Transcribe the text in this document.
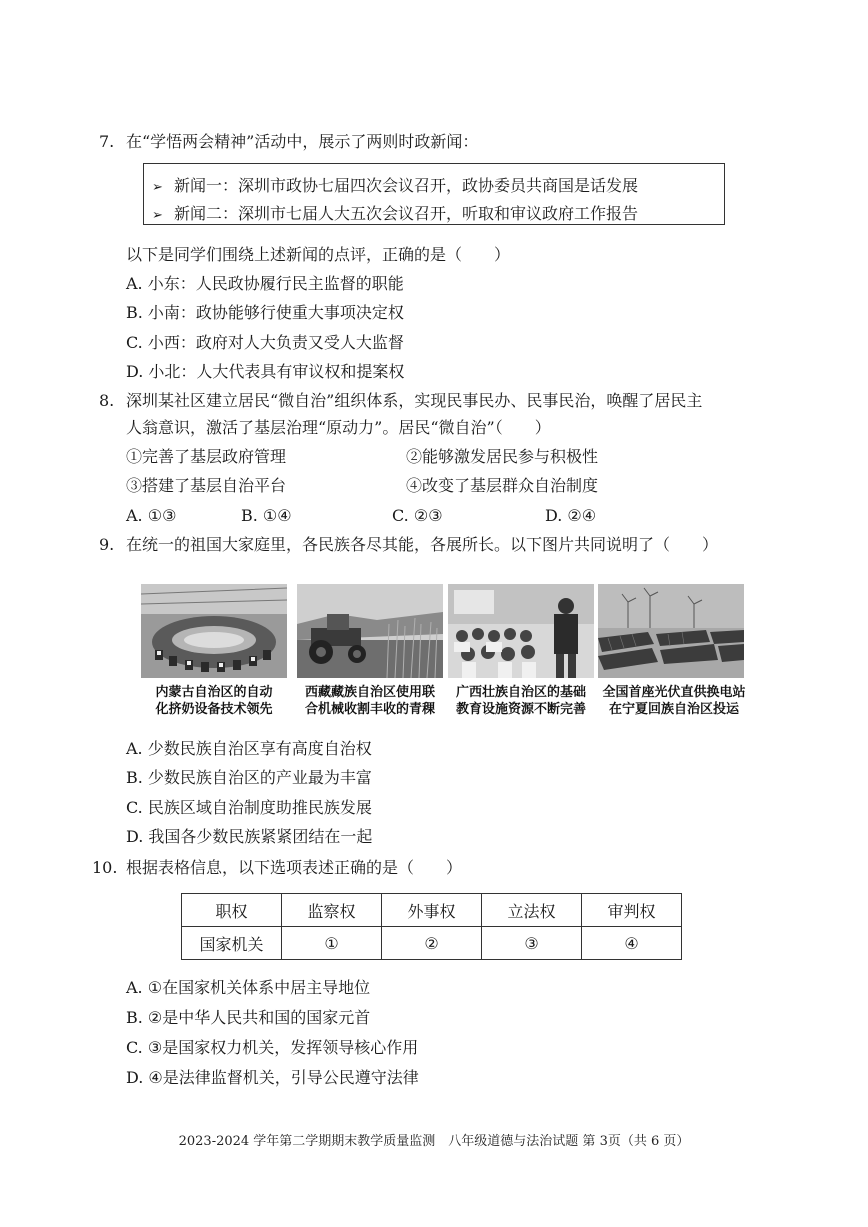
7. 在“学悟两会精神”活动中，展示了两则时政新闻：
➢ 新闻一：深圳市政协七届四次会议召开，政协委员共商国是话发展
➢ 新闻二：深圳市七届人大五次会议召开，听取和审议政府工作报告
以下是同学们围绕上述新闻的点评，正确的是（　　）
A. 小东：人民政协履行民主监督的职能
B. 小南：政协能够行使重大事项决定权
C. 小西：政府对人大负责又受人大监督
D. 小北：人大代表具有审议权和提案权
8. 深圳某社区建立居民“微自治”组织体系，实现民事民办、民事民治，唤醒了居民主
人翁意识，激活了基层治理“原动力”。居民“微自治”（　　）
①完善了基层政府管理	②能够激发居民参与积极性
③搭建了基层自治平台	④改变了基层群众自治制度
A. ①③	B. ①④	C. ②③	D. ②④
9. 在统一的祖国大家庭里，各民族各尽其能，各展所长。以下图片共同说明了（　　）
内蒙古自治区的自动
化挤奶设备技术领先
西藏藏族自治区使用联
合机械收割丰收的青稞
广西壮族自治区的基础
教育设施资源不断完善
全国首座光伏直供换电站
在宁夏回族自治区投运
A. 少数民族自治区享有高度自治权
B. 少数民族自治区的产业最为丰富
C. 民族区域自治制度助推民族发展
D. 我国各少数民族紧紧团结在一起
10. 根据表格信息，以下选项表述正确的是（　　）
职权	监察权	外事权	立法权	审判权
国家机关	①	②	③	④
A. ①在国家机关体系中居主导地位
B. ②是中华人民共和国的国家元首
C. ③是国家权力机关，发挥领导核心作用
D. ④是法律监督机关，引导公民遵守法律
2023-2024 学年第二学期期末教学质量监测　八年级道德与法治试题 第 3页（共 6 页）
